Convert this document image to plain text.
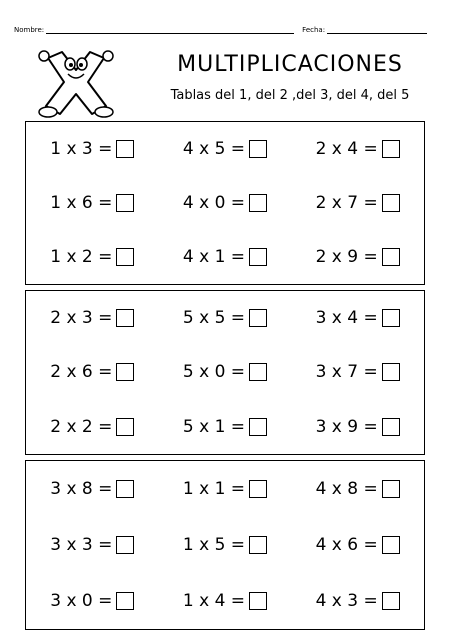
Nombre:	Fecha:
MULTIPLICACIONES
Tablas del 1, del 2 ,del 3, del 4, del 5
1 x 3 =	4 x 5 =	2 x 4 =
1 x 6 =	4 x 0 =	2 x 7 =
1 x 2 =	4 x 1 =	2 x 9 =
2 x 3 =	5 x 5 =	3 x 4 =
2 x 6 =	5 x 0 =	3 x 7 =
2 x 2 =	5 x 1 =	3 x 9 =
3 x 8 =	1 x 1 =	4 x 8 =
3 x 3 =	1 x 5 =	4 x 6 =
3 x 0 =	1 x 4 =	4 x 3 =
